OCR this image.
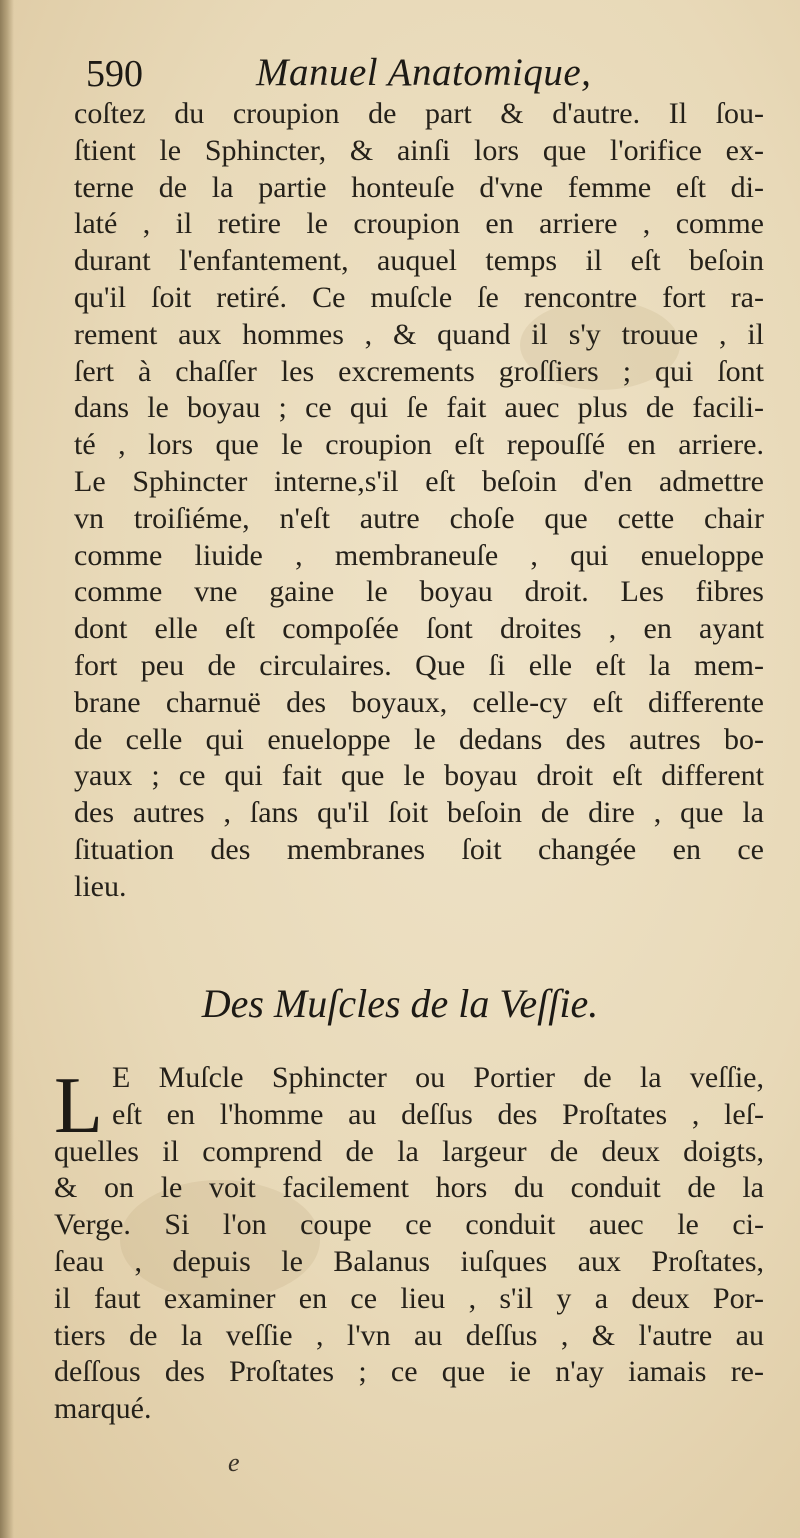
590	Manuel Anatomique,
coſtez du croupion de part & d'autre. Il ſou-
ſtient le Sphincter, & ainſi lors que l'orifice ex-
terne de la partie honteuſe d'vne femme eſt di-
laté , il retire le croupion en arriere , comme
durant l'enfantement, auquel temps il eſt beſoin
qu'il ſoit retiré. Ce muſcle ſe rencontre fort ra-
rement aux hommes , & quand il s'y trouue , il
ſert à chaſſer les excrements groſſiers ; qui ſont
dans le boyau ; ce qui ſe fait auec plus de facili-
té , lors que le croupion eſt repouſſé en arriere.
Le Sphincter interne,s'il eſt beſoin d'en admettre
vn troiſiéme, n'eſt autre choſe que cette chair
comme liuide , membraneuſe , qui enueloppe
comme vne gaine le boyau droit. Les fibres
dont elle eſt compoſée ſont droites , en ayant
fort peu de circulaires. Que ſi elle eſt la mem-
brane charnuë des boyaux, celle-cy eſt differente
de celle qui enueloppe le dedans des autres bo-
yaux ; ce qui fait que le boyau droit eſt different
des autres , ſans qu'il ſoit beſoin de dire , que la
ſituation des membranes ſoit changée en ce
lieu.
Des Muſcles de la Veſſie.
L E Muſcle Sphincter ou Portier de la veſſie,
eſt en l'homme au deſſus des Proſtates , leſ-
quelles il comprend de la largeur de deux doigts,
& on le voit facilement hors du conduit de la
Verge. Si l'on coupe ce conduit auec le ci-
ſeau , depuis le Balanus iuſques aux Proſtates,
il faut examiner en ce lieu , s'il y a deux Por-
tiers de la veſſie , l'vn au deſſus , & l'autre au
deſſous des Proſtates ; ce que ie n'ay iamais re-
marqué.
e
